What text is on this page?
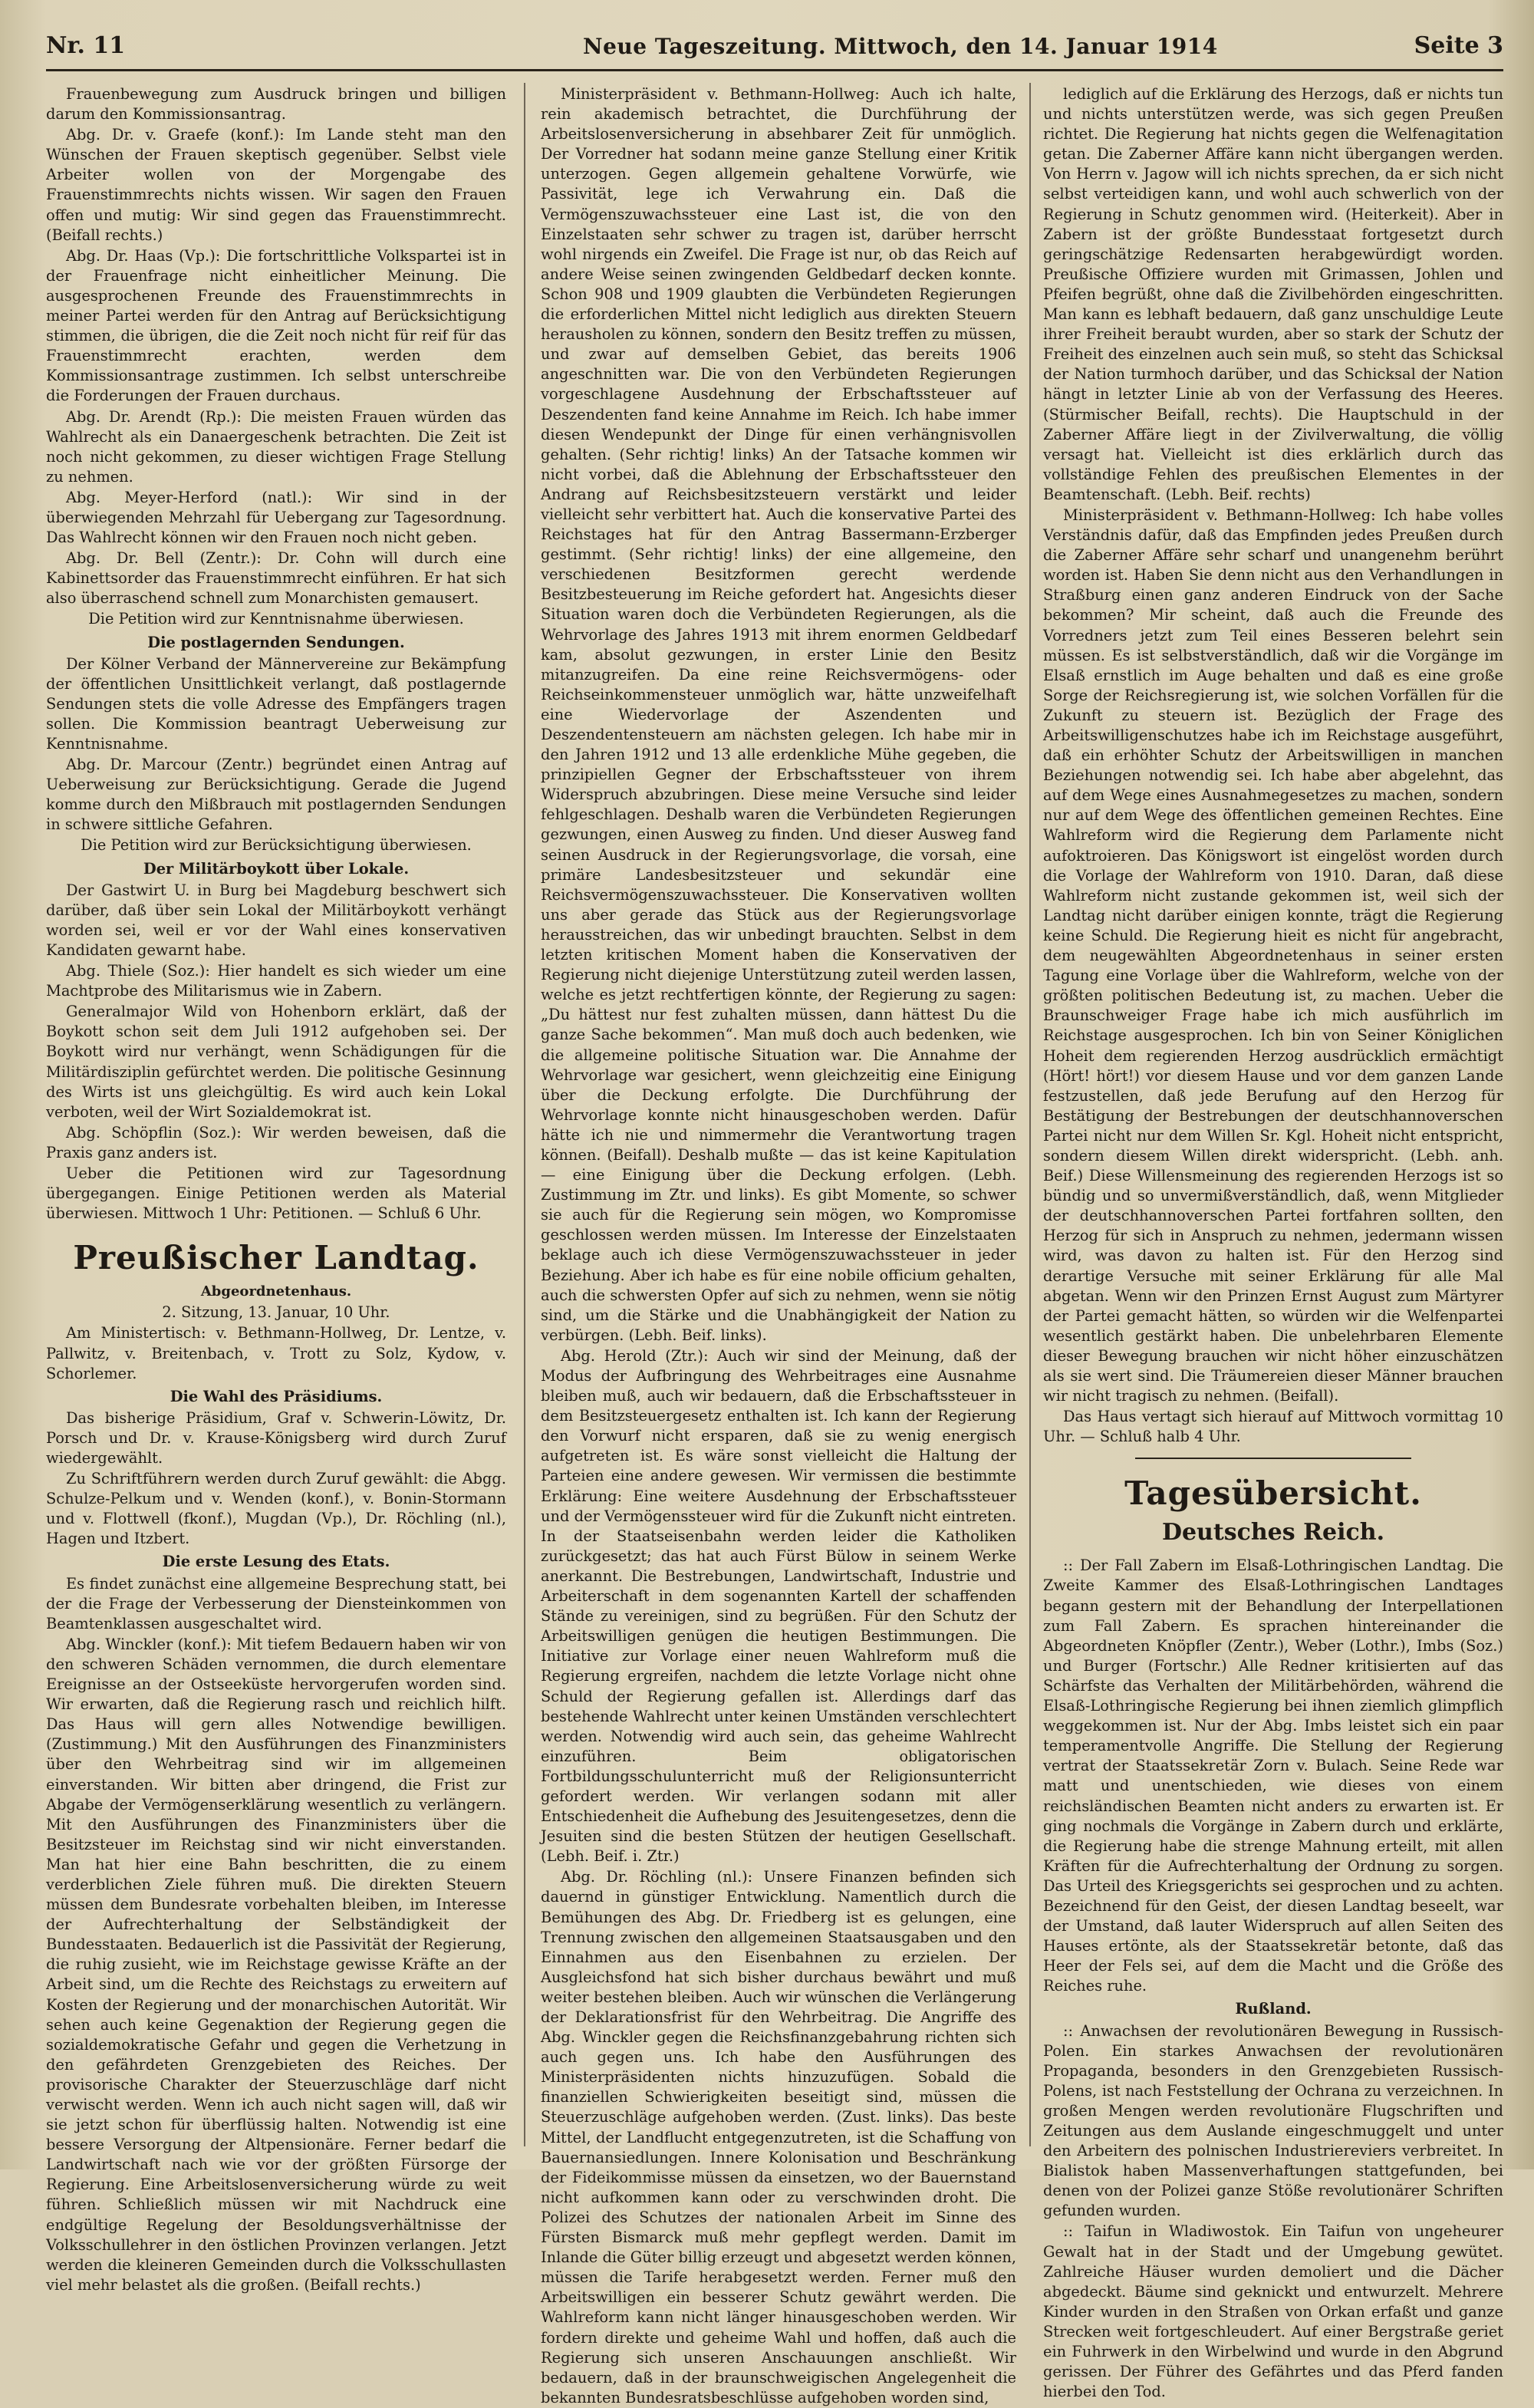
Nr. 11	Neue Tageszeitung. Mittwoch, den 14. Januar 1914	Seite 3

Frauenbewegung zum Ausdruck bringen und billigen darum den Kommissionsantrag.

Abg. Dr. v. Graefe (konf.): Im Lande steht man den Wünschen der Frauen skeptisch gegenüber. Selbst viele Arbeiter wollen von der Morgengabe des Frauenstimmrechts nichts wissen. Wir sagen den Frauen offen und mutig: Wir sind gegen das Frauenstimmrecht. (Beifall rechts.)

Abg. Dr. Haas (Vp.): Die fortschrittliche Volkspartei ist in der Frauenfrage nicht einheitlicher Meinung. Die ausgesprochenen Freunde des Frauenstimmrechts in meiner Partei werden für den Antrag auf Berücksichtigung stimmen, die übrigen, die die Zeit noch nicht für reif für das Frauenstimmrecht erachten, werden dem Kommissionsantrage zustimmen. Ich selbst unterschreibe die Forderungen der Frauen durchaus.

Abg. Dr. Arendt (Rp.): Die meisten Frauen würden das Wahlrecht als ein Danaergeschenk betrachten. Die Zeit ist noch nicht gekommen, zu dieser wichtigen Frage Stellung zu nehmen.

Abg. Meyer-Herford (natl.): Wir sind in der überwiegenden Mehrzahl für Uebergang zur Tagesordnung. Das Wahlrecht können wir den Frauen noch nicht geben.

Abg. Dr. Bell (Zentr.): Dr. Cohn will durch eine Kabinettsorder das Frauenstimmrecht einführen. Er hat sich also überraschend schnell zum Monarchisten gemausert.

Die Petition wird zur Kenntnisnahme überwiesen.

Die postlagernden Sendungen.

Der Kölner Verband der Männervereine zur Bekämpfung der öffentlichen Unsittlichkeit verlangt, daß postlagernde Sendungen stets die volle Adresse des Empfängers tragen sollen. Die Kommission beantragt Ueberweisung zur Kenntnisnahme.

Abg. Dr. Marcour (Zentr.) begründet einen Antrag auf Ueberweisung zur Berücksichtigung. Gerade die Jugend komme durch den Mißbrauch mit postlagernden Sendungen in schwere sittliche Gefahren.

Die Petition wird zur Berücksichtigung überwiesen.

Der Militärboykott über Lokale.

Der Gastwirt U. in Burg bei Magdeburg beschwert sich darüber, daß über sein Lokal der Militärboykott verhängt worden sei, weil er vor der Wahl eines konservativen Kandidaten gewarnt habe.

Abg. Thiele (Soz.): Hier handelt es sich wieder um eine Machtprobe des Militarismus wie in Zabern.

Generalmajor Wild von Hohenborn erklärt, daß der Boykott schon seit dem Juli 1912 aufgehoben sei. Der Boykott wird nur verhängt, wenn Schädigungen für die Militärdisziplin gefürchtet werden. Die politische Gesinnung des Wirts ist uns gleichgültig. Es wird auch kein Lokal verboten, weil der Wirt Sozialdemokrat ist.

Abg. Schöpflin (Soz.): Wir werden beweisen, daß die Praxis ganz anders ist.

Ueber die Petitionen wird zur Tagesordnung übergegangen. Einige Petitionen werden als Material überwiesen. Mittwoch 1 Uhr: Petitionen. — Schluß 6 Uhr.

Preußischer Landtag.

Abgeordnetenhaus.

2. Sitzung, 13. Januar, 10 Uhr.

Am Ministertisch: v. Bethmann-Hollweg, Dr. Lentze, v. Pallwitz, v. Breitenbach, v. Trott zu Solz, Kydow, v. Schorlemer.

Die Wahl des Präsidiums.

Das bisherige Präsidium, Graf v. Schwerin-Löwitz, Dr. Porsch und Dr. v. Krause-Königsberg wird durch Zuruf wiedergewählt.

Zu Schriftführern werden durch Zuruf gewählt: die Abgg. Schulze-Pelkum und v. Wenden (konf.), v. Bonin-Stormann und v. Flottwell (fkonf.), Mugdan (Vp.), Dr. Röchling (nl.), Hagen und Itzbert.

Die erste Lesung des Etats.

Es findet zunächst eine allgemeine Besprechung statt, bei der die Frage der Verbesserung der Diensteinkommen von Beamtenklassen ausgeschaltet wird.

Abg. Winckler (konf.): Mit tiefem Bedauern haben wir von den schweren Schäden vernommen, die durch elementare Ereignisse an der Ostseeküste hervorgerufen worden sind. Wir erwarten, daß die Regierung rasch und reichlich hilft. Das Haus will gern alles Notwendige bewilligen. (Zustimmung.) Mit den Ausführungen des Finanzministers über den Wehrbeitrag sind wir im allgemeinen einverstanden. Wir bitten aber dringend, die Frist zur Abgabe der Vermögenserklärung wesentlich zu verlängern. Mit den Ausführungen des Finanzministers über die Besitzsteuer im Reichstag sind wir nicht einverstanden. Man hat hier eine Bahn beschritten, die zu einem verderblichen Ziele führen muß. Die direkten Steuern müssen dem Bundesrate vorbehalten bleiben, im Interesse der Aufrechterhaltung der Selbständigkeit der Bundesstaaten. Bedauerlich ist die Passivität der Regierung, die ruhig zusieht, wie im Reichstage gewisse Kräfte an der Arbeit sind, um die Rechte des Reichstags zu erweitern auf Kosten der Regierung und der monarchischen Autorität. Wir sehen auch keine Gegenaktion der Regierung gegen die sozialdemokratische Gefahr und gegen die Verhetzung in den gefährdeten Grenzgebieten des Reiches. Der provisorische Charakter der Steuerzuschläge darf nicht verwischt werden. Wenn ich auch nicht sagen will, daß wir sie jetzt schon für überflüssig halten. Notwendig ist eine bessere Versorgung der Altpensionäre. Ferner bedarf die Landwirtschaft nach wie vor der größten Fürsorge der Regierung. Eine Arbeitslosenversicherung würde zu weit führen. Schließlich müssen wir mit Nachdruck eine endgültige Regelung der Besoldungsverhältnisse der Volksschullehrer in den östlichen Provinzen verlangen. Jetzt werden die kleineren Gemeinden durch die Volksschullasten viel mehr belastet als die großen. (Beifall rechts.)

Ministerpräsident v. Bethmann-Hollweg: Auch ich halte, rein akademisch betrachtet, die Durchführung der Arbeitslosenversicherung in absehbarer Zeit für unmöglich. Der Vorredner hat sodann meine ganze Stellung einer Kritik unterzogen. Gegen allgemein gehaltene Vorwürfe, wie Passivität, lege ich Verwahrung ein. Daß die Vermögenszuwachssteuer eine Last ist, die von den Einzelstaaten sehr schwer zu tragen ist, darüber herrscht wohl nirgends ein Zweifel. Die Frage ist nur, ob das Reich auf andere Weise seinen zwingenden Geldbedarf decken konnte. Schon 908 und 1909 glaubten die Verbündeten Regierungen die erforderlichen Mittel nicht lediglich aus direkten Steuern herausholen zu können, sondern den Besitz treffen zu müssen, und zwar auf demselben Gebiet, das bereits 1906 angeschnitten war. Die von den Verbündeten Regierungen vorgeschlagene Ausdehnung der Erbschaftssteuer auf Deszendenten fand keine Annahme im Reich. Ich habe immer diesen Wendepunkt der Dinge für einen verhängnisvollen gehalten. (Sehr richtig! links) An der Tatsache kommen wir nicht vorbei, daß die Ablehnung der Erbschaftssteuer den Andrang auf Reichsbesitzsteuern verstärkt und leider vielleicht sehr verbittert hat. Auch die konservative Partei des Reichstages hat für den Antrag Bassermann-Erzberger gestimmt. (Sehr richtig! links) der eine allgemeine, den verschiedenen Besitzformen gerecht werdende Besitzbesteuerung im Reiche gefordert hat. Angesichts dieser Situation waren doch die Verbündeten Regierungen, als die Wehrvorlage des Jahres 1913 mit ihrem enormen Geldbedarf kam, absolut gezwungen, in erster Linie den Besitz mitanzugreifen. Da eine reine Reichsvermögens- oder Reichseinkommensteuer unmöglich war, hätte unzweifelhaft eine Wiedervorlage der Aszendenten und Deszendentensteuern am nächsten gelegen. Ich habe mir in den Jahren 1912 und 13 alle erdenkliche Mühe gegeben, die prinzipiellen Gegner der Erbschaftssteuer von ihrem Widerspruch abzubringen. Diese meine Versuche sind leider fehlgeschlagen. Deshalb waren die Verbündeten Regierungen gezwungen, einen Ausweg zu finden. Und dieser Ausweg fand seinen Ausdruck in der Regierungsvorlage, die vorsah, eine primäre Landesbesitzsteuer und sekundär eine Reichsvermögenszuwachssteuer. Die Konservativen wollten uns aber gerade das Stück aus der Regierungsvorlage herausstreichen, das wir unbedingt brauchten. Selbst in dem letzten kritischen Moment haben die Konservativen der Regierung nicht diejenige Unterstützung zuteil werden lassen, welche es jetzt rechtfertigen könnte, der Regierung zu sagen: „Du hättest nur fest zuhalten müssen, dann hättest Du die ganze Sache bekommen“. Man muß doch auch bedenken, wie die allgemeine politische Situation war. Die Annahme der Wehrvorlage war gesichert, wenn gleichzeitig eine Einigung über die Deckung erfolgte. Die Durchführung der Wehrvorlage konnte nicht hinausgeschoben werden. Dafür hätte ich nie und nimmermehr die Verantwortung tragen können. (Beifall). Deshalb mußte — das ist keine Kapitulation — eine Einigung über die Deckung erfolgen. (Lebh. Zustimmung im Ztr. und links). Es gibt Momente, so schwer sie auch für die Regierung sein mögen, wo Kompromisse geschlossen werden müssen. Im Interesse der Einzelstaaten beklage auch ich diese Vermögenszuwachssteuer in jeder Beziehung. Aber ich habe es für eine nobile officium gehalten, auch die schwersten Opfer auf sich zu nehmen, wenn sie nötig sind, um die Stärke und die Unabhängigkeit der Nation zu verbürgen. (Lebh. Beif. links).

Abg. Herold (Ztr.): Auch wir sind der Meinung, daß der Modus der Aufbringung des Wehrbeitrages eine Ausnahme bleiben muß, auch wir bedauern, daß die Erbschaftssteuer in dem Besitzsteuergesetz enthalten ist. Ich kann der Regierung den Vorwurf nicht ersparen, daß sie zu wenig energisch aufgetreten ist. Es wäre sonst vielleicht die Haltung der Parteien eine andere gewesen. Wir vermissen die bestimmte Erklärung: Eine weitere Ausdehnung der Erbschaftssteuer und der Vermögenssteuer wird für die Zukunft nicht eintreten. In der Staatseisenbahn werden leider die Katholiken zurückgesetzt; das hat auch Fürst Bülow in seinem Werke anerkannt. Die Bestrebungen, Landwirtschaft, Industrie und Arbeiterschaft in dem sogenannten Kartell der schaffenden Stände zu vereinigen, sind zu begrüßen. Für den Schutz der Arbeitswilligen genügen die heutigen Bestimmungen. Die Initiative zur Vorlage einer neuen Wahlreform muß die Regierung ergreifen, nachdem die letzte Vorlage nicht ohne Schuld der Regierung gefallen ist. Allerdings darf das bestehende Wahlrecht unter keinen Umständen verschlechtert werden. Notwendig wird auch sein, das geheime Wahlrecht einzuführen. Beim obligatorischen Fortbildungsschulunterricht muß der Religionsunterricht gefordert werden. Wir verlangen sodann mit aller Entschiedenheit die Aufhebung des Jesuitengesetzes, denn die Jesuiten sind die besten Stützen der heutigen Gesellschaft. (Lebh. Beif. i. Ztr.)

Abg. Dr. Röchling (nl.): Unsere Finanzen befinden sich dauernd in günstiger Entwicklung. Namentlich durch die Bemühungen des Abg. Dr. Friedberg ist es gelungen, eine Trennung zwischen den allgemeinen Staatsausgaben und den Einnahmen aus den Eisenbahnen zu erzielen. Der Ausgleichsfond hat sich bisher durchaus bewährt und muß weiter bestehen bleiben. Auch wir wünschen die Verlängerung der Deklarationsfrist für den Wehrbeitrag. Die Angriffe des Abg. Winckler gegen die Reichsfinanzgebahrung richten sich auch gegen uns. Ich habe den Ausführungen des Ministerpräsidenten nichts hinzuzufügen. Sobald die finanziellen Schwierigkeiten beseitigt sind, müssen die Steuerzuschläge aufgehoben werden. (Zust. links). Das beste Mittel, der Landflucht entgegenzutreten, ist die Schaffung von Bauernansiedlungen. Innere Kolonisation und Beschränkung der Fideikommisse müssen da einsetzen, wo der Bauernstand nicht aufkommen kann oder zu verschwinden droht. Die Polizei des Schutzes der nationalen Arbeit im Sinne des Fürsten Bismarck muß mehr gepflegt werden. Damit im Inlande die Güter billig erzeugt und abgesetzt werden können, müssen die Tarife herabgesetzt werden. Ferner muß den Arbeitswilligen ein besserer Schutz gewährt werden. Die Wahlreform kann nicht länger hinausgeschoben werden. Wir fordern direkte und geheime Wahl und hoffen, daß auch die Regierung sich unseren Anschauungen anschließt. Wir bedauern, daß in der braunschweigischen Angelegenheit die bekannten Bundesratsbeschlüsse aufgehoben worden sind,

lediglich auf die Erklärung des Herzogs, daß er nichts tun und nichts unterstützen werde, was sich gegen Preußen richtet. Die Regierung hat nichts gegen die Welfenagitation getan. Die Zaberner Affäre kann nicht übergangen werden. Von Herrn v. Jagow will ich nichts sprechen, da er sich nicht selbst verteidigen kann, und wohl auch schwerlich von der Regierung in Schutz genommen wird. (Heiterkeit). Aber in Zabern ist der größte Bundesstaat fortgesetzt durch geringschätzige Redensarten herabgewürdigt worden. Preußische Offiziere wurden mit Grimassen, Johlen und Pfeifen begrüßt, ohne daß die Zivilbehörden eingeschritten. Man kann es lebhaft bedauern, daß ganz unschuldige Leute ihrer Freiheit beraubt wurden, aber so stark der Schutz der Freiheit des einzelnen auch sein muß, so steht das Schicksal der Nation turmhoch darüber, und das Schicksal der Nation hängt in letzter Linie ab von der Verfassung des Heeres. (Stürmischer Beifall, rechts). Die Hauptschuld in der Zaberner Affäre liegt in der Zivilverwaltung, die völlig versagt hat. Vielleicht ist dies erklärlich durch das vollständige Fehlen des preußischen Elementes in der Beamtenschaft. (Lebh. Beif. rechts)

Ministerpräsident v. Bethmann-Hollweg: Ich habe volles Verständnis dafür, daß das Empfinden jedes Preußen durch die Zaberner Affäre sehr scharf und unangenehm berührt worden ist. Haben Sie denn nicht aus den Verhandlungen in Straßburg einen ganz anderen Eindruck von der Sache bekommen? Mir scheint, daß auch die Freunde des Vorredners jetzt zum Teil eines Besseren belehrt sein müssen. Es ist selbstverständlich, daß wir die Vorgänge im Elsaß ernstlich im Auge behalten und daß es eine große Sorge der Reichsregierung ist, wie solchen Vorfällen für die Zukunft zu steuern ist. Bezüglich der Frage des Arbeitswilligenschutzes habe ich im Reichstage ausgeführt, daß ein erhöhter Schutz der Arbeitswilligen in manchen Beziehungen notwendig sei. Ich habe aber abgelehnt, das auf dem Wege eines Ausnahmegesetzes zu machen, sondern nur auf dem Wege des öffentlichen gemeinen Rechtes. Eine Wahlreform wird die Regierung dem Parlamente nicht aufoktroieren. Das Königswort ist eingelöst worden durch die Vorlage der Wahlreform von 1910. Daran, daß diese Wahlreform nicht zustande gekommen ist, weil sich der Landtag nicht darüber einigen konnte, trägt die Regierung keine Schuld. Die Regierung hieit es nicht für angebracht, dem neugewählten Abgeordnetenhaus in seiner ersten Tagung eine Vorlage über die Wahlreform, welche von der größten politischen Bedeutung ist, zu machen. Ueber die Braunschweiger Frage habe ich mich ausführlich im Reichstage ausgesprochen. Ich bin von Seiner Königlichen Hoheit dem regierenden Herzog ausdrücklich ermächtigt (Hört! hört!) vor diesem Hause und vor dem ganzen Lande festzustellen, daß jede Berufung auf den Herzog für Bestätigung der Bestrebungen der deutschhannoverschen Partei nicht nur dem Willen Sr. Kgl. Hoheit nicht entspricht, sondern diesem Willen direkt widerspricht. (Lebh. anh. Beif.) Diese Willensmeinung des regierenden Herzogs ist so bündig und so unvermißverständlich, daß, wenn Mitglieder der deutschhannoverschen Partei fortfahren sollten, den Herzog für sich in Anspruch zu nehmen, jedermann wissen wird, was davon zu halten ist. Für den Herzog sind derartige Versuche mit seiner Erklärung für alle Mal abgetan. Wenn wir den Prinzen Ernst August zum Märtyrer der Partei gemacht hätten, so würden wir die Welfenpartei wesentlich gestärkt haben. Die unbelehrbaren Elemente dieser Bewegung brauchen wir nicht höher einzuschätzen als sie wert sind. Die Träumereien dieser Männer brauchen wir nicht tragisch zu nehmen. (Beifall).

Das Haus vertagt sich hierauf auf Mittwoch vormittag 10 Uhr. — Schluß halb 4 Uhr.

Tagesübersicht.

Deutsches Reich.

:: Der Fall Zabern im Elsaß-Lothringischen Landtag. Die Zweite Kammer des Elsaß-Lothringischen Landtages begann gestern mit der Behandlung der Interpellationen zum Fall Zabern. Es sprachen hintereinander die Abgeordneten Knöpfler (Zentr.), Weber (Lothr.), Imbs (Soz.) und Burger (Fortschr.) Alle Redner kritisierten auf das Schärfste das Verhalten der Militärbehörden, während die Elsaß-Lothringische Regierung bei ihnen ziemlich glimpflich weggekommen ist. Nur der Abg. Imbs leistet sich ein paar temperamentvolle Angriffe. Die Stellung der Regierung vertrat der Staatssekretär Zorn v. Bulach. Seine Rede war matt und unentschieden, wie dieses von einem reichsländischen Beamten nicht anders zu erwarten ist. Er ging nochmals die Vorgänge in Zabern durch und erklärte, die Regierung habe die strenge Mahnung erteilt, mit allen Kräften für die Aufrechterhaltung der Ordnung zu sorgen. Das Urteil des Kriegsgerichts sei gesprochen und zu achten. Bezeichnend für den Geist, der diesen Landtag beseelt, war der Umstand, daß lauter Widerspruch auf allen Seiten des Hauses ertönte, als der Staatssekretär betonte, daß das Heer der Fels sei, auf dem die Macht und die Größe des Reiches ruhe.

Rußland.

:: Anwachsen der revolutionären Bewegung in Russisch-Polen. Ein starkes Anwachsen der revolutionären Propaganda, besonders in den Grenzgebieten Russisch-Polens, ist nach Feststellung der Ochrana zu verzeichnen. In großen Mengen werden revolutionäre Flugschriften und Zeitungen aus dem Auslande eingeschmuggelt und unter den Arbeitern des polnischen Industriereviers verbreitet. In Bialistok haben Massenverhaftungen stattgefunden, bei denen von der Polizei ganze Stöße revolutionärer Schriften gefunden wurden.

:: Taifun in Wladiwostok. Ein Taifun von ungeheurer Gewalt hat in der Stadt und der Umgebung gewütet. Zahlreiche Häuser wurden demoliert und die Dächer abgedeckt. Bäume sind geknickt und entwurzelt. Mehrere Kinder wurden in den Straßen von Orkan erfaßt und ganze Strecken weit fortgeschleudert. Auf einer Bergstraße geriet ein Fuhrwerk in den Wirbelwind und wurde in den Abgrund gerissen. Der Führer des Gefährtes und das Pferd fanden hierbei den Tod.
